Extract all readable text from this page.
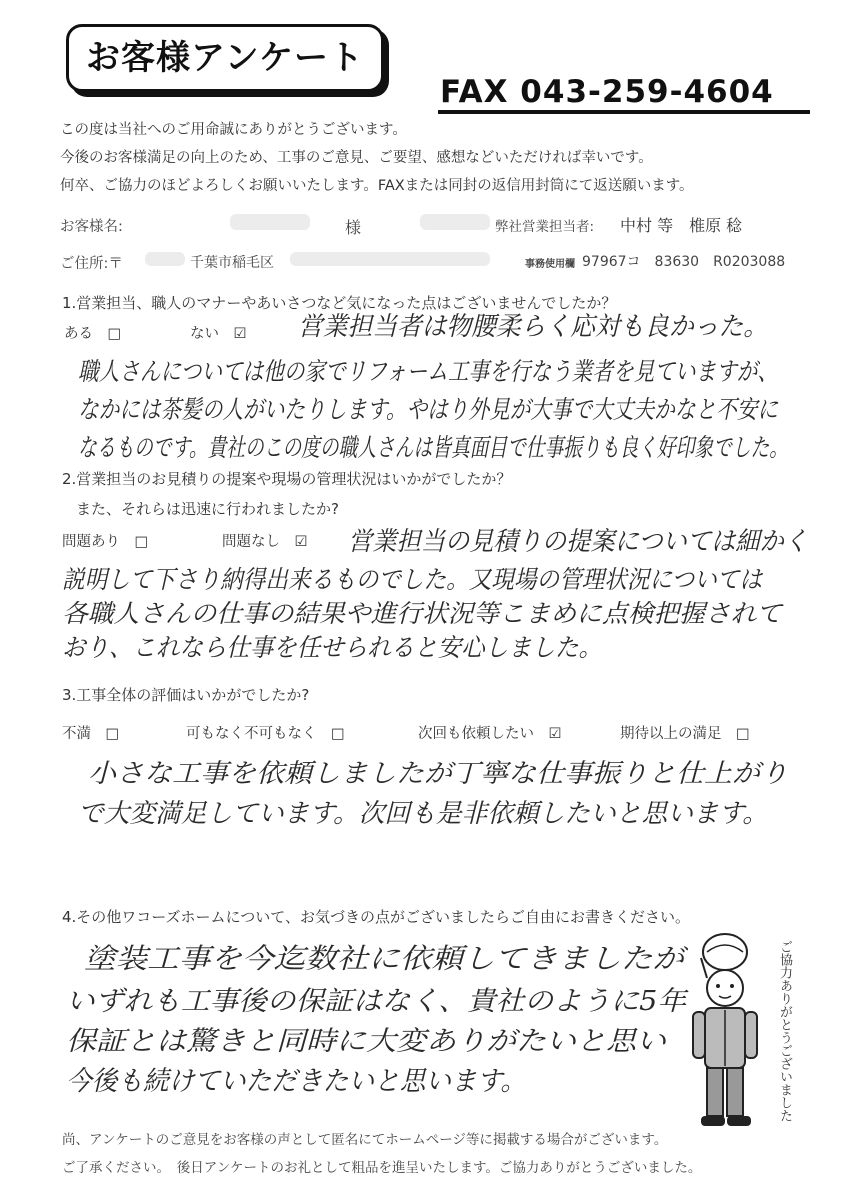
お客様アンケート
FAX 043-259-4604
この度は当社へのご用命誠にありがとうございます。
今後のお客様満足の向上のため、工事のご意見、ご要望、感想などいただければ幸いです。
何卒、ご協力のほどよろしくお願いいたします。FAXまたは同封の返信用封筒にて返送願います。
お客様名:	様	弊社営業担当者: 中村 等　椎原 稔
ご住所:〒	千葉市稲毛区	事務使用欄 97967コ　83630　R0203088
1.営業担当、職人のマナーやあいさつなど気になった点はございませんでしたか？
ある　□	ない　☑ 営業担当者は物腰柔らく応対も良かった。
職人さんについては他の家でリフォーム工事を行なう業者を見ていますが、
なかには茶髪の人がいたりします。やはり外見が大事で大丈夫かなと不安に
なるものです。貴社のこの度の職人さんは皆真面目で仕事振りも良く好印象でした。
2.営業担当のお見積りの提案や現場の管理状況はいかがでしたか？
また、それらは迅速に行われましたか?
問題あり　□	問題なし　☑ 営業担当の見積りの提案については細かく
説明して下さり納得出来るものでした。又現場の管理状況については
各職人さんの仕事の結果や進行状況等こまめに点検把握されて
おり、これなら仕事を任せられると安心しました。
3.工事全体の評価はいかがでしたか?
不満　□	可もなく不可もなく　□	次回も依頼したい　☑	期待以上の満足　□
小さな工事を依頼しましたが丁寧な仕事振りと仕上がり
で大変満足しています。次回も是非依頼したいと思います。
4.その他ワコーズホームについて、お気づきの点がございましたらご自由にお書きください。
塗装工事を今迄数社に依頼してきましたが
いずれも工事後の保証はなく、貴社のように5年
保証とは驚きと同時に大変ありがたいと思い
今後も続けていただきたいと思います。	ご協力ありがとうございました
尚、アンケートのご意見をお客様の声として匿名にてホームページ等に掲載する場合がございます。
ご了承ください。　後日アンケートのお礼として粗品を進呈いたします。ご協力ありがとうございました。
